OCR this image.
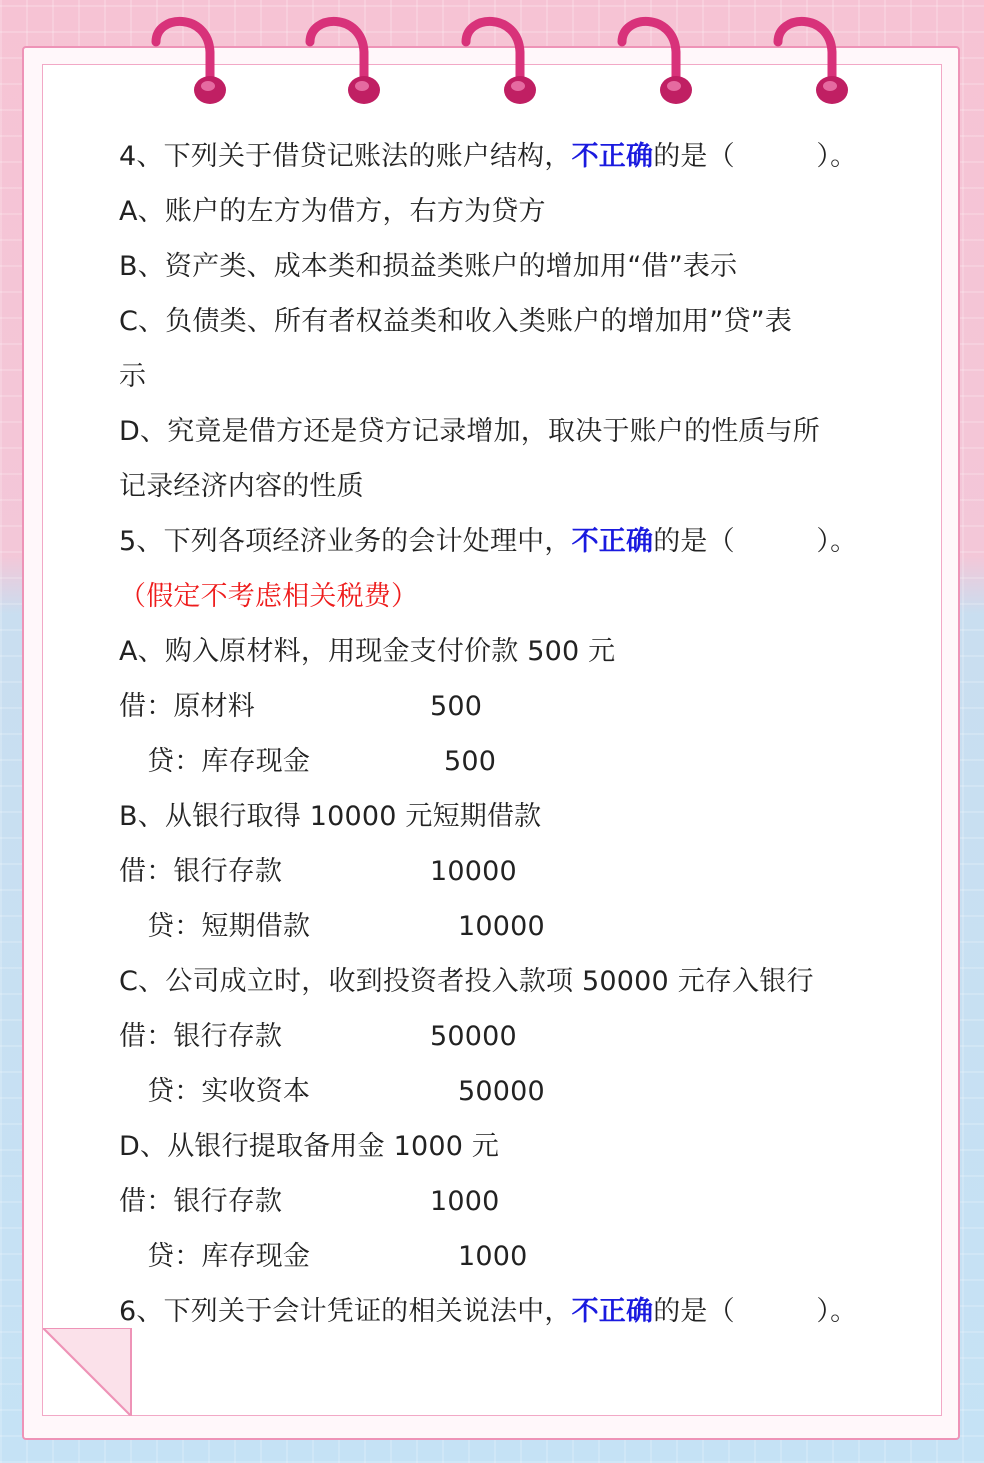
4、下列关于借贷记账法的账户结构，不正确的是（　　　）。
A、账户的左方为借方，右方为贷方
B、资产类、成本类和损益类账户的增加用“借”表示
C、负债类、所有者权益类和收入类账户的增加用”贷”表
示
D、究竟是借方还是贷方记录增加，取决于账户的性质与所
记录经济内容的性质
5、下列各项经济业务的会计处理中，不正确的是（　　　）。
（假定不考虑相关税费）
A、购入原材料，用现金支付价款 500 元
借：原材料	500
贷：库存现金	500
B、从银行取得 10000 元短期借款
借：银行存款	10000
贷：短期借款	10000
C、公司成立时，收到投资者投入款项 50000 元存入银行
借：银行存款	50000
贷：实收资本	50000
D、从银行提取备用金 1000 元
借：银行存款	1000
贷：库存现金	1000
6、下列关于会计凭证的相关说法中，不正确的是（　　　）。
